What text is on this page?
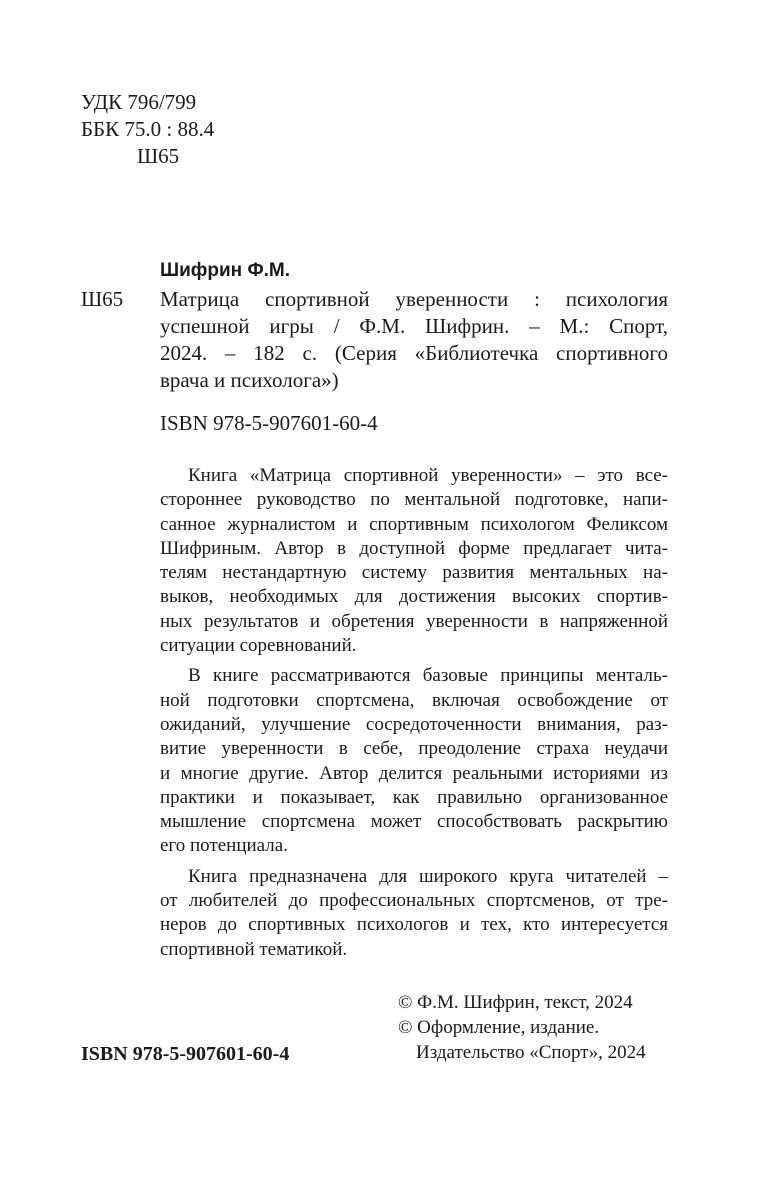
УДК 796/799
ББК 75.0 : 88.4
Ш65
Шифрин Ф.М.
Ш65 Матрица спортивной уверенности : психология
успешной игры / Ф.М. Шифрин. – М.: Спорт,
2024. – 182 с. (Серия «Библиотечка спортивного
врача и психолога»)
ISBN 978-5-907601-60-4

Книга «Матрица спортивной уверенности» – это все-
стороннее руководство по ментальной подготовке, напи-
санное журналистом и спортивным психологом Феликсом
Шифриным. Автор в доступной форме предлагает чита-
телям нестандартную систему развития ментальных на-
выков, необходимых для достижения высоких спортив-
ных результатов и обретения уверенности в напряженной
ситуации соревнований.

В книге рассматриваются базовые принципы менталь-
ной подготовки спортсмена, включая освобождение от
ожиданий, улучшение сосредоточенности внимания, раз-
витие уверенности в себе, преодоление страха неудачи
и многие другие. Автор делится реальными историями из
практики и показывает, как правильно организованное
мышление спортсмена может способствовать раскрытию
его потенциала.

Книга предназначена для широкого круга читателей –
от любителей до профессиональных спортсменов, от тре-
неров до спортивных психологов и тех, кто интересуется
спортивной тематикой.

© Ф.М. Шифрин, текст, 2024
© Оформление, издание.
Издательство «Спорт», 2024
ISBN 978-5-907601-60-4
